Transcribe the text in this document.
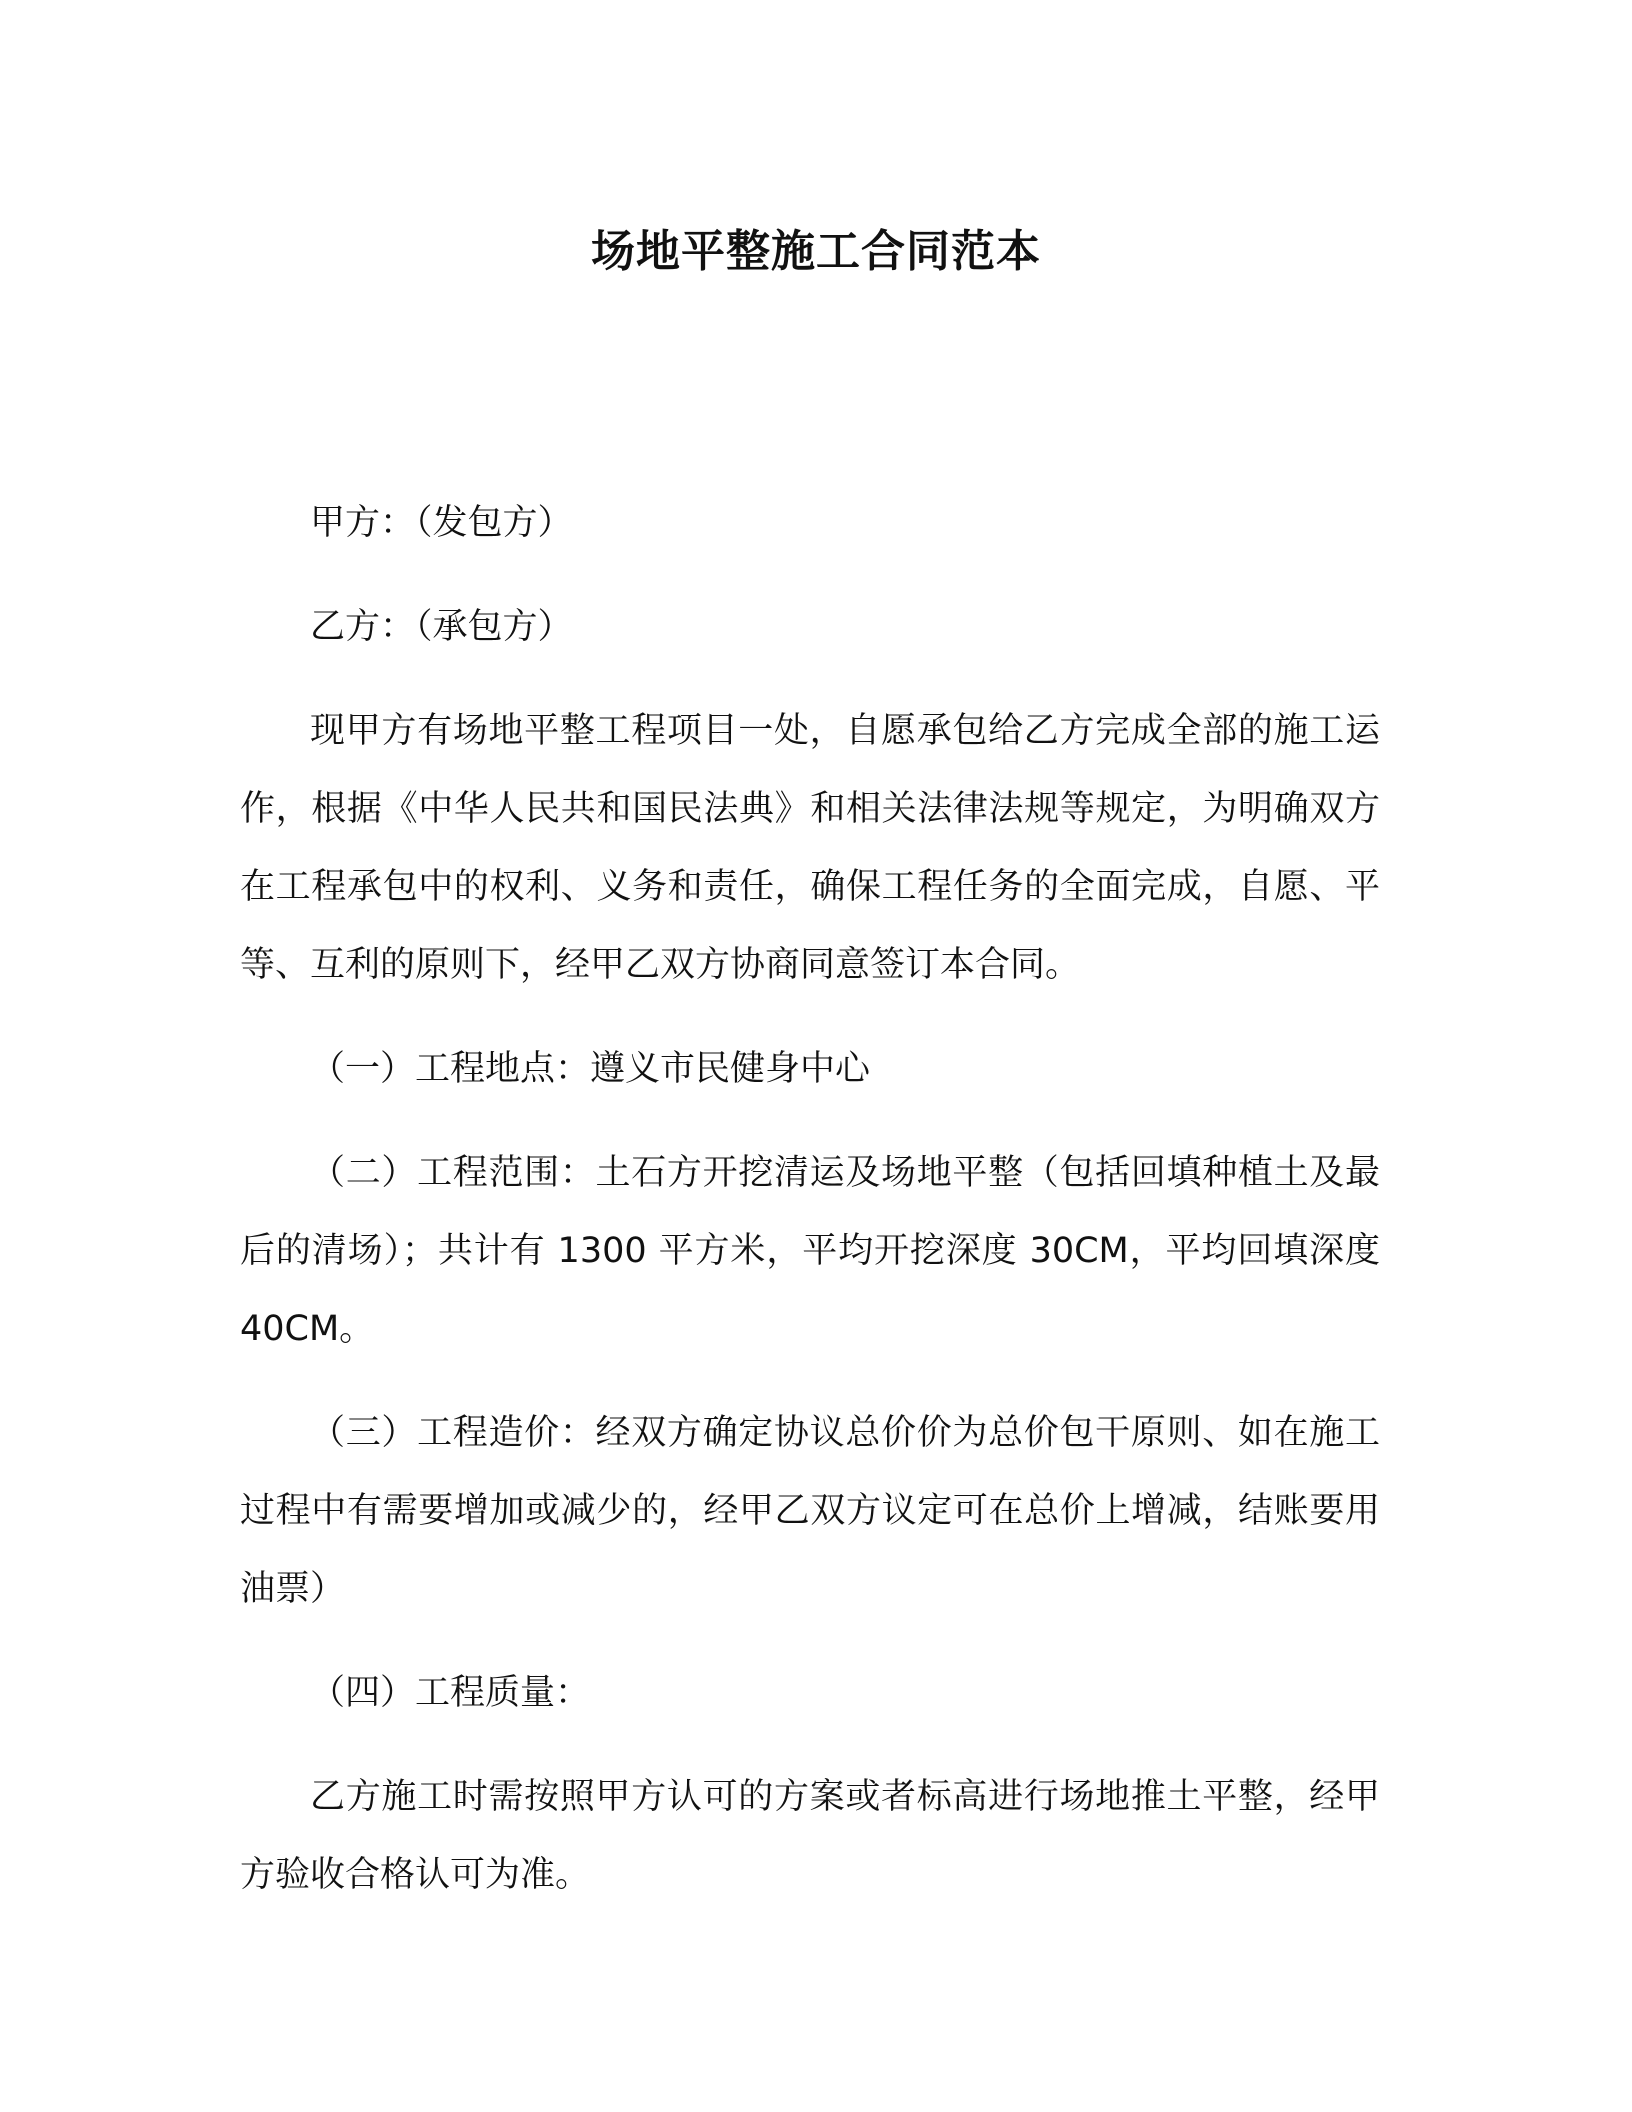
场地平整施工合同范本

甲方：（发包方）

乙方：（承包方）

现甲方有场地平整工程项目一处，自愿承包给乙方完成全部的施工运作，根据《中华人民共和国民法典》和相关法律法规等规定，为明确双方在工程承包中的权利、义务和责任，确保工程任务的全面完成，自愿、平等、互利的原则下，经甲乙双方协商同意签订本合同。

（一）工程地点：遵义市民健身中心

（二）工程范围：土石方开挖清运及场地平整（包括回填种植土及最后的清场）；共计有 1300 平方米，平均开挖深度 30CM，平均回填深度 40CM。

（三）工程造价：经双方确定协议总价价为总价包干原则、如在施工过程中有需要增加或减少的，经甲乙双方议定可在总价上增减，结账要用油票）

（四）工程质量：

乙方施工时需按照甲方认可的方案或者标高进行场地推土平整，经甲方验收合格认可为准。
